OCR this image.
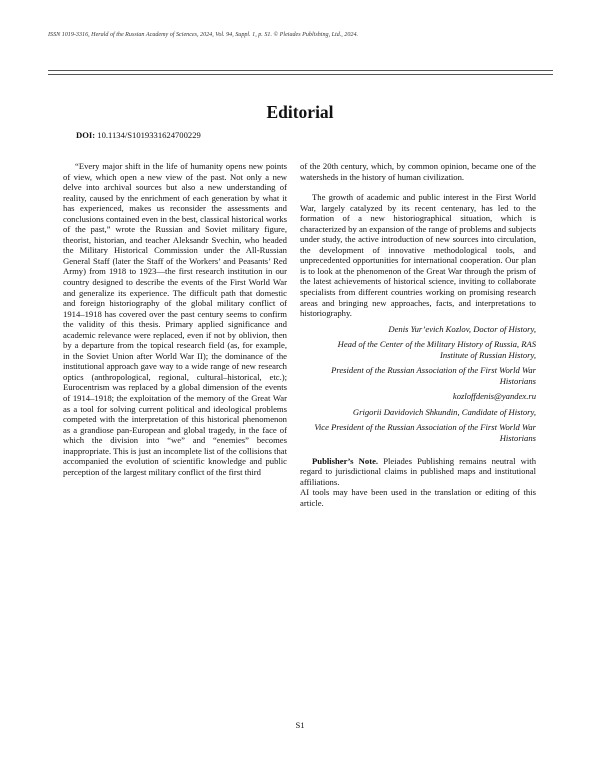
ISSN 1019-3316, Herald of the Russian Academy of Sciences, 2024, Vol. 94, Suppl. 1, p. S1. © Pleiades Publishing, Ltd., 2024.
Editorial
DOI: 10.1134/S1019331624700229

“Every major shift in the life of humanity opens new points of view, which open a new view of the past. Not only a new delve into archival sources but also a new understanding of reality, caused by the enrichment of each generation by what it has experienced, makes us reconsider the assessments and conclusions contained even in the best, classical historical works of the past,” wrote the Russian and Soviet military figure, theorist, historian, and teacher Aleksandr Svechin, who headed the Military Historical Commission under the All-Russian General Staff (later the Staff of the Workers’ and Peasants’ Red Army) from 1918 to 1923—the first research institution in our country designed to describe the events of the First World War and generalize its experience. The difficult path that domestic and foreign historiography of the global military conflict of 1914–1918 has covered over the past century seems to confirm the validity of this thesis. Primary applied significance and academic relevance were replaced, even if not by oblivion, then by a departure from the topical research field (as, for example, in the Soviet Union after World War II); the dominance of the institutional approach gave way to a wide range of new research optics (anthropological, regional, cultural–historical, etc.); Eurocentrism was replaced by a global dimension of the events of 1914–1918; the exploitation of the memory of the Great War as a tool for solving current political and ideological problems competed with the interpretation of this historical phenomenon as a grandiose pan-European and global tragedy, in the face of which the division into “we” and “enemies” becomes inappropriate. This is just an incomplete list of the collisions that accompanied the evolution of scientific knowledge and public perception of the largest military conflict of the first third

of the 20th century, which, by common opinion, became one of the watersheds in the history of human civilization.

The growth of academic and public interest in the First World War, largely catalyzed by its recent centenary, has led to the formation of a new historiographical situation, which is characterized by an expansion of the range of problems and subjects under study, the active introduction of new sources into circulation, the development of innovative methodological tools, and unprecedented opportunities for international cooperation. Our plan is to look at the phenomenon of the Great War through the prism of the latest achievements of historical science, inviting to collaborate specialists from different countries working on promising research areas and bringing new approaches, facts, and interpretations to historiography.

Denis Yur’evich Kozlov, Doctor of History,

Head of the Center of the Military History of Russia, RAS Institute of Russian History,

President of the Russian Association of the First World War Historians

kozloffdenis@yandex.ru

Grigorii Davidovich Shkundin, Candidate of History,

Vice President of the Russian Association of the First World War Historians

Publisher’s Note. Pleiades Publishing remains neutral with regard to jurisdictional claims in published maps and institutional affiliations.

AI tools may have been used in the translation or editing of this article.

S1
